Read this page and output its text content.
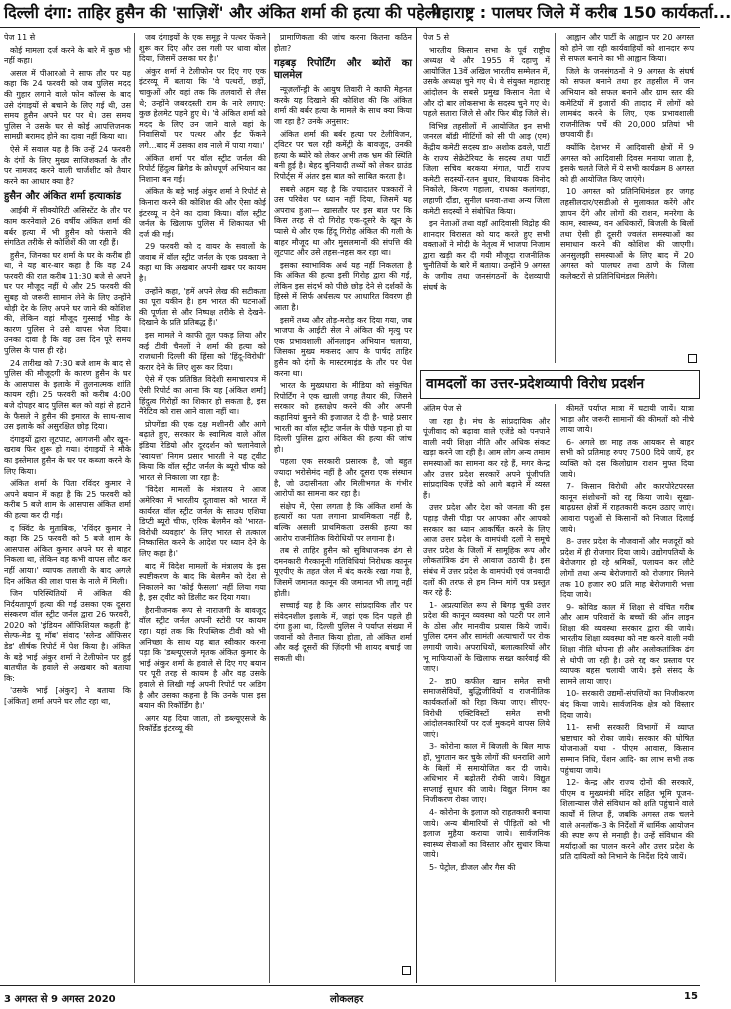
दिल्ली दंगा: ताहिर हुसैन की 'साज़िशें' और अंकित शर्मा की हत्या की पहेली
महाराष्ट्र : पालघर जिले में करीब 150 कार्यकर्ता...

पेज 11 से

कोई मामला दर्ज करने के बारे में कुछ भी नहीं कहा।

असल में पीआरओ ने साफ तौर पर यह कहा कि 24 फरवरी को जब पुलिस मदद की गुहार लगाने वाले फोन कॉल्स के बाद उसे दंगाइयों से बचाने के लिए गई थी, उस समय हुसैन अपने घर पर थे। उस समय पुलिस ने उसके घर से कोई आपत्तिजनक सामग्री बरामद होने का दावा नहीं किया था।

ऐसे में सवाल यह है कि उन्हें 24 फरवरी के दंगों के लिए मुख्य साजिशकर्ता के तौर पर नामजद करने वाली चार्जशीट को तैयार करने का आधार क्या है?

हुसैन और अंकित शर्मा हत्याकांड

आईबी में सीक्योरिटी असिस्टेंट के तौर पर काम करनेवाले 26 वर्षीय अंकित शर्मा की बर्बर हत्या में भी हुसैन को फंसाने की संगठित तरीके से कोशिशें की जा रही हैं।

हुसैन, जिनका घर शर्मा के घर के करीब ही था, ने यह बार-बार कहा है कि वह 24 फरवरी की रात करीब 11:30 बजे से अपने घर पर मौजूद नहीं थे और 25 फरवरी की सुबह वो जरूरी सामान लेने के लिए उन्होंने थोड़ी देर के लिए अपने घर जाने की कोशिश की, लेकिन वहां मौजूद गुस्साई भीड़ के कारण पुलिस ने उसे वापस भेज दिया। उनका दावा है कि वह उस दिन पूरे समय पुलिस के पास ही रहे।

24 तारीख को 7:30 बजे शाम के बाद से पुलिस की मौजूदगी के कारण हुसैन के घर के आसपास के इलाके में तुलनात्मक शांति कायम रही। 25 फरवरी को करीब 4:00 बजे दोपहर बाद पुलिस बल को वहां से हटाने के फैसले ने हुसैन की इमारत के साथ-साथ उस इलाके को असुरक्षित छोड़ दिया।

दंगाइयों द्वारा लूटपाट, आगजनी और खून-खराब फिर शुरू हो गया। दंगाइयों ने मौके का इस्तेमाल हुसैन के घर पर कब्जा करने के लिए किया।

अंकित शर्मा के पिता रविंदर कुमार ने अपने बयान में कहा है कि 25 फरवरी को करीब 5 बजे शाम के आसपास अंकित शर्मा की हत्या कर दी गई।

द क्विंट के मुताबिक, 'रविंदर कुमार ने कहा कि 25 फरवरी को 5 बजे शाम के आसपास अंकित कुमार अपने घर से बाहर निकला था, लेकिन वह कभी वापस लौट कर नहीं आया।' व्यापक तलाशी के बाद अगले दिन अंकित की लाश पास के नाले में मिली।

जिन परिस्थितियों में अंकित की निर्दयतापूर्ण हत्या की गई उसका एक दूसरा संस्करण वॉल स्ट्रीट जर्नल द्वारा 26 फरवरी, 2020 को 'इंडियन ऑफिशियल कहती है' सेल्फ-मेड यू मॉब' संवाद 'स्लेन्ड ऑफिसर डेड' शीर्षक रिपोर्ट में पेश किया है। अंकित के बड़े भाई अंकुर शर्मा ने टेलीफोन पर हुई बातचीत के हवाले से अखबार को बताया कि:

'उसके भाई [अंकुर] ने बताया कि [अंकित] शर्मा अपने घर लौट रहा था,

जब दंगाइयों के एक समूह ने पत्थर फेंकने शुरू कर दिए और उस गली पर धावा बोल दिया, जिसमें उसका घर है।'

अंकुर शर्मा ने टेलीफोन पर दिए गए एक इंटरव्यू में बताया कि 'वे पत्थरों, छड़ों, चाकुओं और वहां तक कि तलवारों से लैस थे; उन्होंने जबरदस्ती राम के नारे लगाए: कुछ हेलमेट पहने हुए थे। 'वे अंकित शर्मा को मदद के लिए उन जाने वाले वहां के निवासियों पर पत्थर और ईंट फेंकने लगे...बाद में उसका शव नाले में पाया गया।'

अंकित शर्मा पर वॉल स्ट्रीट जर्नल की रिपोर्ट हिंदुत्व ब्रिगेड के क्रोधपूर्ण अभियान का निशाना बन गई।

अंकित के बड़े भाई अंकुर शर्मा ने रिपोर्ट से किनारा करने की कोशिश की और ऐसा कोई इंटरव्यू न देने का दावा किया। वॉल स्ट्रीट जर्नल के खिलाफ पुलिस में शिकायत भी दर्ज की गई।

29 फरवरी को द वायर के सवालों के जवाब में वॉल स्ट्रीट जर्नल के एक प्रवक्ता ने कहा था कि अखबार अपनी खबर पर कायम है।

उन्होंने कहा, 'हमें अपने लेख की सटीकता का पूरा यकीन है। हम भारत की घटनाओं की पूर्णता से और निष्पक्ष तरीके से देखने-दिखाने के प्रति प्रतिबद्ध हैं।'

इस मामले ने काफी तूल पकड़ लिया और कई टीवी चैनलों ने शर्मा की हत्या को राजधानी दिल्ली की हिंसा को 'हिंदू-विरोधी' करार देने के लिए शुरू कर दिया।

ऐसे में एक प्रतिष्ठित विदेशी समाचारपत्र में ऐसी रिपोर्ट का आना कि यह [अंकित शर्मा] हिंदुत्व गिरोहों का शिकार हो सकता है, इस नैरेटिव को रास आने वाला नहीं था।

प्रोपगेंडा की एक दक्ष मशीनरी और आगे बढ़ाते हुए, सरकार के स्वामित्व वाले ऑल इंडिया रेडियो और दूरदर्शन को चलानेवाले 'स्वायत्त' निगम प्रसार भारती ने यह ट्वीट किया कि वॉल स्ट्रीट जर्नल के ब्यूरो चीफ को भारत से निकाला जा रहा है:

'विदेश मामलों के मंत्रालय ने आज अमेरिका में भारतीय दूतावास को भारत में कार्यरत वॉल स्ट्रीट जर्नल के साउथ एशिया डिप्टी ब्यूरो चीफ, एरिक बेलमैन को 'भारत-विरोधी व्यवहार' के लिए भारत से तत्काल निष्कासित करने के आदेश पर ध्यान देने के लिए कहा है।'

बाद में विदेश मामलों के मंत्रालय के इस स्पष्टीकरण के बाद कि बेलमैन को देश से निकालने का 'कोई फैसला' नहीं लिया गया है, इस ट्वीट को डिलीट कर दिया गया।

हैरानीजनक रूप से नाराजगी के बावजूद वॉल स्ट्रीट जर्नल अपनी स्टोरी पर कायम रहा। यहां तक कि रिपब्लिक टीवी को भी अनिच्छा के साथ यह बात स्वीकार करना पड़ा कि 'डब्ल्यूएसजे मृतक अंकित कुमार के भाई अंकुर शर्मा के हवाले से दिए गए बयान पर पूरी तरह से कायम है और वह उसके हवाले से लिखी गई अपनी रिपोर्ट पर अडिग है और उसका कहना है कि उनके पास इस बयान की रिकॉर्डिंग है।'

अगर यह दिया जाता, तो डब्ल्यूएसजे के रिकॉर्डेड इंटरव्यू की

प्रामाणिकता की जांच करना कितना कठिन होता?

गड़बड़ रिपोर्टिंग और ब्योरों का घालमेल

न्यूज़लॉन्ड्री के आयुष तिवारी ने काफी मेहनत करके यह दिखाने की कोशिश की कि अंकित शर्मा की बर्बर हत्या के मामले के साथ क्या किया जा रहा है? उनके अनुसार:

अंकित शर्मा की बर्बर हत्या पर टेलीविजन, ट्विटर पर चल रही कमेंट्री के बावजूद, उनकी हत्या के ब्योरे को लेकर अभी तक भ्रम की स्थिति बनी हुई है। बेहद बुनियादी तथ्यों को लेकर ग्राउंड रिपोर्ट्स में अंतर इस बात को साबित करता है।

सबसे अहम यह है कि ज्यादातर पत्रकारों ने उस परिवेश पर ध्यान नहीं दिया, जिसमें यह अपराध हुआ— खासतौर पर इस बात पर कि किस तरह से दो गिरोह एक-दूसरे के खून के प्यासे थे और एक हिंदू गिरोह अंकित की गली के बाहर मौजूद था और मुसलमानों की संपत्ति की लूटपाट और उसे तहस-नहस कर रहा था।

इसका स्वाभाविक अर्थ यह नहीं निकलता है कि अंकित की हत्या इसी गिरोह द्वारा की गई, लेकिन इस संदर्भ को पीछे छोड़ देने से दर्शकों के हिस्से में सिर्फ अर्धसत्य पर आधारित विवरण ही आता है।

इसमें तथ्य और तोड़-मरोड़ कर दिया गया, जब भाजपा के आईटी सेल ने अंकित की मृत्यु पर एक प्रभावशाली ऑनलाइन अभियान चलाया, जिसका मुख्य मकसद आप के पार्षद ताहिर हुसैन को दंगों के मास्टरमाइंड के तौर पर पेश करना था।

भारत के मुख्यधारा के मीडिया को संकुचित रिपोर्टिंग ने एक खाली जगह तैयार की, जिसने सरकार को हस्तक्षेप करने की और अपनी कहानियां बुनने की इजाजत दे दी है- चाहे प्रसार भारती का वॉल स्ट्रीट जर्नल के पीछे पड़ना हो या दिल्ली पुलिस द्वारा अंकित की हत्या की जांच हो।

पहला एक सरकारी प्रसारक है, जो बहुत ज्यादा भरोसेमंद नहीं है और दूसरा एक संस्थान है, जो उदासीनता और मिलीभगत के गंभीर आरोपों का सामना कर रहा है।

संक्षेप में, ऐसा लगता है कि अंकित शर्मा के हत्यारों का पता लगाना प्राथमिकता नहीं है, बल्कि असली प्राथमिकता उसकी हत्या का आरोप राजनीतिक विरोधियों पर लगाना है।

तब से ताहिर हुसैन को सुविधाजनक ढंग से दमनकारी गैरकानूनी गतिविधियां निरोधक कानून यूएपीए के तहत जेल में बंद करके रखा गया है, जिसमें जमानत कानून की जमानत भी लागू नहीं होती।

सच्चाई यह है कि अगर सांप्रदायिक तौर पर संवेदनशील इलाके में, जहां एक दिन पहले ही दंगा हुआ था, दिल्ली पुलिस ने पर्याप्त संख्या में जवानों को तैनात किया होता, तो अंकित शर्मा और कई दूसरों की ज़िंदगी भी शायद बचाई जा सकती थी।

पेज 5 से

भारतीय किसान सभा के पूर्व राष्ट्रीय अध्यक्ष थे और 1955 में दहाणु में आयोजित 13वें अखिल भारतीय सम्मेलन में, उसके अध्यक्ष चुने गए थे। वे संयुक्त महाराष्ट्र आंदोलन के सबसे प्रमुख किसान नेता थे और दो बार लोकसभा के सदस्य चुने गए थे। पहले सतारा जिले से और फिर बीड़ जिले से।

विभिन्न तहसीलों में आयोजित इन सभी जनरल बॉडी मीटिंगों को सी पी आइ (एम) केंद्रीय कमेटी सदस्य डा० अशोक ढवले, पार्टी के राज्य सेक्रेटेरियट के सदस्य तथा पार्टी जिला सचिव बरकया मंगात, पार्टी राज्य कमेटी सदस्यों-रतन बुधार, विधायक विनोद निकोले, किरण गहाला, राधका कलांगड़ा, लहाणी दौंडा, सुनील धनवा-तथा अन्य जिला कमेटी सदस्यों ने संबोधित किया।

इन नेताओं तथा वहाँ आदिवासी विद्रोह की शानदार विरासत को याद करते हुए सभी वक्ताओं ने मोदी के नेतृत्व में भाजपा निजाम द्वारा खड़ी कर दी गयी मौजूदा राजनीतिक चुनौतियों के बारे में बताया। उन्होंने 9 अगस्त के जगीय तथा जनसंगठनों के देशव्यापी संघर्ष के

आह्वान और पार्टी के आह्वान पर 20 अगस्त को होने जा रही कार्यवाहियों को शानदार रूप से सफल बनाने का भी आह्वान किया।

जिले के जनसंगठनों ने 9 अगस्त के संघर्ष को सफल बनाने तथा हर तहसील में जन अभियान को सफल बनाने और ग्राम स्तर की कमेटियों में इजारों की तादाद में लोगों को लामबंद करने के लिए, एक प्रभावशाली राजनीतिक पर्चे की 20,000 प्रतियां भी छपवायी हैं।

क्योंकि देशभर में आदिवासी क्षेत्रों में 9 अगस्त को आदिवासी दिवस मनाया जाता है, इसके चलते जिले में ये सभी कार्यक्रम 8 अगस्त को ही आयोजित किए जाएंगे।

10 अगस्त को प्रतिनिधिमंडल हर जगह तहसीलदार/एसडीओ से मुलाकात करेंगे और ज्ञापन देंगे और लोगों की राशन, मनरेगा के काम, स्वास्थ्य, वन अधिकारों, बिजली के बिलों तथा ऐसी ही दूसरी ज्वलंत समस्याओं का समाधान करने की कोशिश की जाएगी। अनसुलझी समस्याओं के लिए बाद में 20 अगस्त को पालघर तथा ठाणे के जिला कलेक्टरों से प्रतिनिधिमंडल मिलेंगे।

वामदलों का उत्तर-प्रदेशव्यापी विरोध प्रदर्शन

अंतिम पेज से

जा रहा है। मंच के सांप्रदायिक और पूंजीवाद को बढ़ावा वाले एजेंडे को पनपाने वाली नयी शिक्षा नीति और अधिक संकट खड़ा करने जा रही है। आम लोग अन्य तमाम समस्याओं का सामना कर रहे हैं, मगर केन्द्र और उत्तर प्रदेश सरकारें अपने पूंजीपति सांप्रदायिक एजेंडे को आगे बढ़ाने में व्यस्त हैं।

उत्तर प्रदेश और देश को जनता की इस पहाड़ जैसी पीड़ा पर आपका और आपको सरकार का ध्यान आकर्षित करने के लिए आज उत्तर प्रदेश के वामपंथी दलों ने समूचे उत्तर प्रदेश के जिलों में सामूहिक रूप और लोकतांत्रिक ढंग से आवाज उठायी है। इस संबंध में उत्तर प्रदेश के वामपंथी एवं जनवादी दलों की तरफ से हम निम्न मांगें पत्र प्रस्तुत कर रहे हैं:

1- अप्रत्याशित रूप से बिगड़ चुकी उत्तर प्रदेश की कानून व्यवस्था को पटरी पर लाने के ठोस और मानवीय प्रयास किये जायें। पुलिस दमन और सामंती अत्याचारों पर रोक लगायी जाये। अपराधियों, बलात्कारियों और भू माफियाओं के खिलाफ सख्त कार्रवाई की जाए।

2- डा0 कफील खान समेत सभी समाजसेवियों, बुद्धिजीवियों व राजनीतिक कार्यकर्ताओं को रिहा किया जाए। सीएए-विरोधी एक्टिविस्टों समेत सभी आंदोलनकारियों पर दर्ज मुकदमे वापस लिये जाएं।

3- कोरोना काल में बिजली के बिल माफ हों, भुगतान कर चुके लोगों की धनराशि आगे के बिलों में समायोजित कर दी जाये। अधिभार में बढ़ोतरी रोकी जाये। विद्युत सप्लाई सुधार की जाये। विद्युत निगम का निजीकरण रोका जाए।

4- कोरोना के इलाज को राहतकारी बनाया जाये। अन्य बीमारियों से पीड़ितों को भी इलाज मुहैया कराया जाये। सार्वजनिक स्वास्थ्य सेवाओं का विस्तार और सुधार किया जाये।

5- पेट्रोल, डीजल और गैस की

कीमतें पर्याप्त मात्रा में घटायी जायें। यात्रा भाड़ा और जरूरी सामानों की कीमतों को नीचे लाया जाये।

6- अगले छः माह तक आयकर से बाहर सभी को प्रतिमाह रुपए 7500 दिये जायें, हर व्यक्ति को दस किलोग्राम राशन मुफ्त दिया जाये।

7- किसान विरोधी और कारपोरेटपरस्त कानून संशोधनों को रद्द किया जाये। सूखा-बाढ़ग्रस्त क्षेत्रों में राहतकारी कदम उठाए जाएं। आवारा पशुओं से किसानों को निजात दिलाई जाये।

8- उत्तर प्रदेश के नौजवानों और मजदूरों को प्रदेश में ही रोजगार दिया जाये। उद्योगपतियों के बेरोजगार हो रहे श्रमिकों, पलायन कर लौटे लोगों तथा अन्य बेरोजगारों को रोजगार मिलने तक 10 हजार रु0 प्रति माह बेरोजगारी भत्ता दिया जाये।

9- कोविड काल में शिक्षा से वंचित गरीब और आम परिवारों के बच्चों की ऑन लाइन शिक्षा की व्यवस्था सरकार द्वारा की जाये। भारतीय शिक्षा व्यवस्था को नष्ट करने वाली नयी शिक्षा नीति थोपना ही और अलोकतांत्रिक ढंग से थोपी जा रही है। उसे रद्द कर प्रस्ताव पर व्यापक बहस चलायी जाये। इसे संसद के सामने लाया जाए।

10- सरकारी उद्यमों-संपत्तियों का निजीकरण बंद किया जाये। सार्वजनिक क्षेत्र को विस्तार दिया जाये।

11- सभी सरकारी विभागों में व्याप्त भ्रष्टाचार को रोका जाये। सरकार की घोषित योजनाओं यथा - पीएम आवास, किसान सम्मान निधि, पेंशन आदि- का लाभ सभी तक पहुंचाया जाये।

12- केन्द्र और राज्य दोनों की सरकारें, पीएम व मुख्यमंत्री मंदिर सहित भूमि पूजन-शिलान्यास जैसे संविधान को क्षति पहुंचाने वाले कार्यों में लिप्त हैं, जबकि अगस्त तक चलने वाले अनलॉक-3 के निर्देशों में धार्मिक आयोजन की स्पष्ट रूप से मनाही है। उन्हें संविधान की मर्यादाओं का पालन करने और उत्तर प्रदेश के प्रति दायित्वों को निभाने के निर्देश दिये जायें।

3 अगस्त से 9 अगस्त 2020	लोकलहर	15
